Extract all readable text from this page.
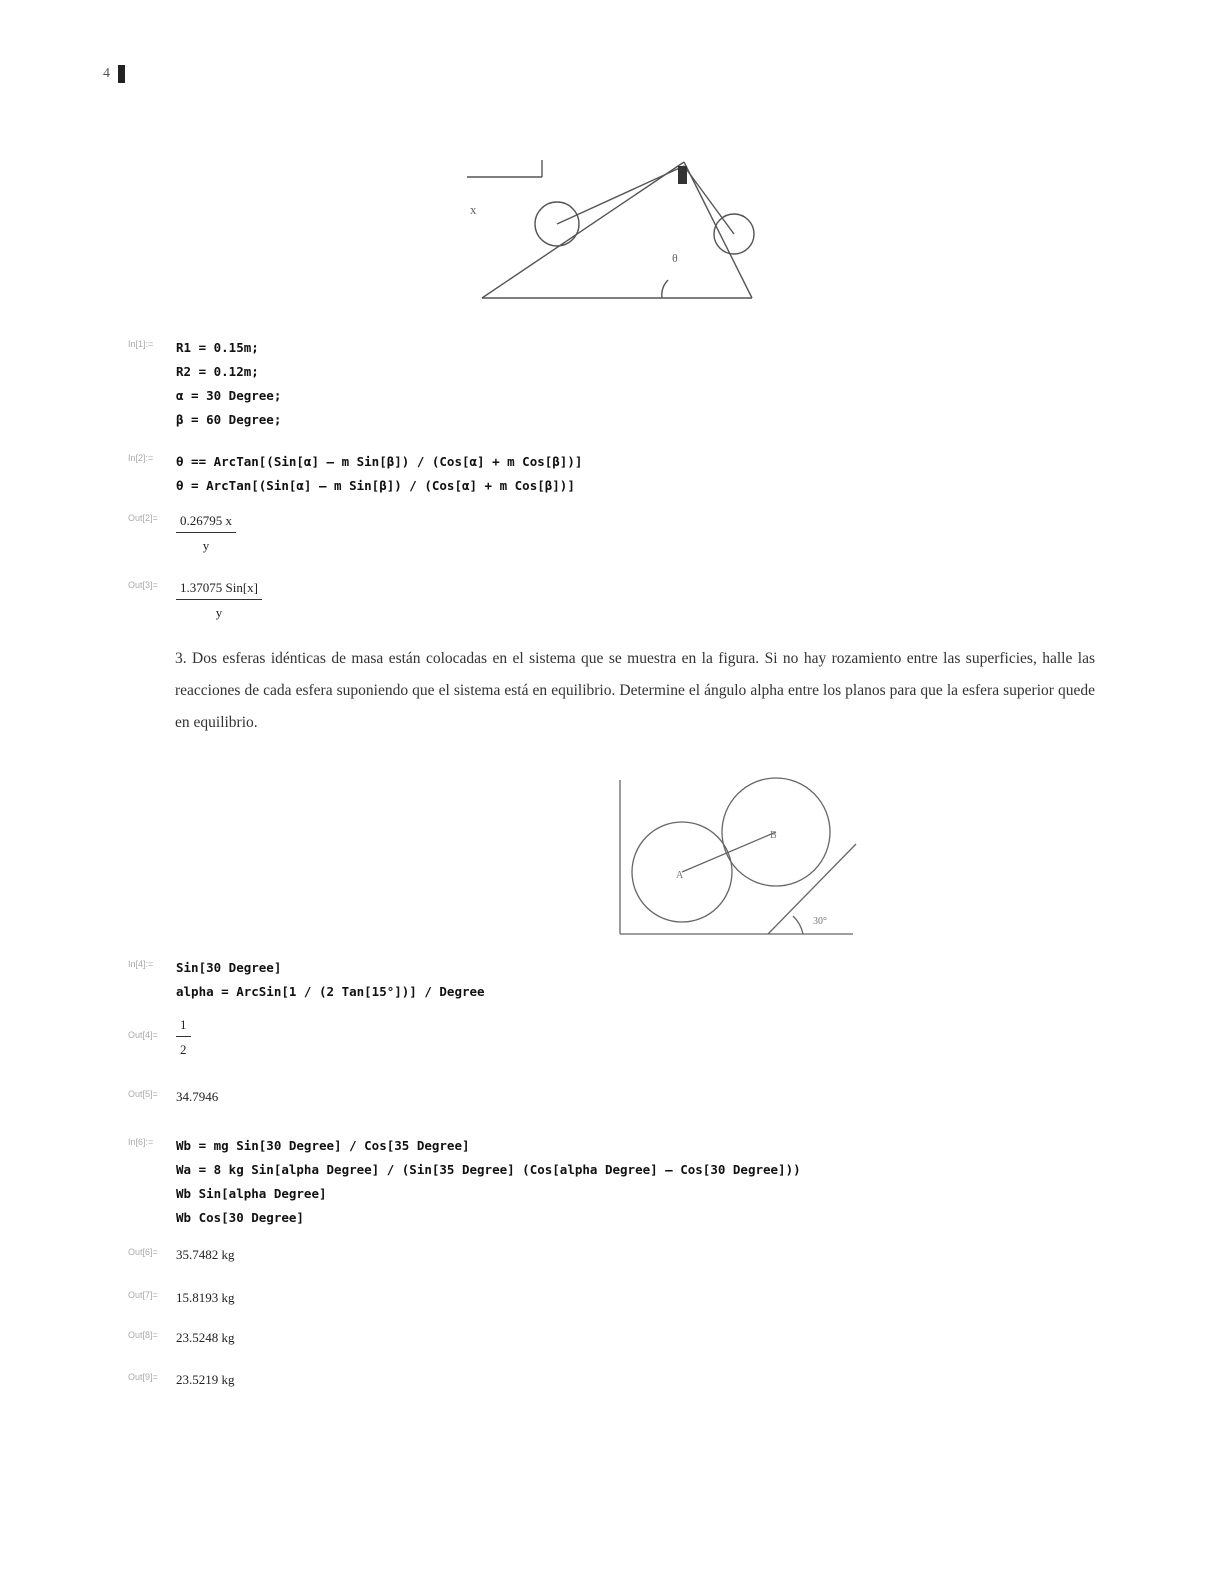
4
x
θ
In[1]:=	R1 = 0.15m;
R2 = 0.12m;
α = 30 Degree;
β = 60 Degree;
In[2]:=	θ == ArcTan[(Sin[α] – m Sin[β]) / (Cos[α] + m Cos[β])]
θ = ArcTan[(Sin[α] – m Sin[β]) / (Cos[α] + m Cos[β])]
Out[2]=	$\frac{0.26795 x}{y}$
Out[3]=	$\frac{\text{1.37075 Sin[x]}}{y}$
3. Dos esferas idénticas de masa están colocadas en el sistema que se muestra en la figura. Si no hay rozamiento entre las superficies, halle las reacciones de cada esfera suponiendo que el sistema está en equilibrio. Determine el ángulo alpha entre los planos para que la esfera superior quede en equilibrio.
A
B
30°
In[4]:=	Sin[30 Degree]
alpha = ArcSin[1 / (2 Tan[15°])] / Degree
Out[4]=	$\frac{1}{2}$
Out[5]=	34.7946
In[6]:=	Wb = mg Sin[30 Degree] / Cos[35 Degree]
Wa = 8 kg Sin[alpha Degree] / (Sin[35 Degree] (Cos[alpha Degree] – Cos[30 Degree]))
Wb Sin[alpha Degree]
Wb Cos[30 Degree]
Out[6]=	35.7482 kg
Out[7]=	15.8193 kg
Out[8]=	23.5248 kg
Out[9]=	23.5219 kg
